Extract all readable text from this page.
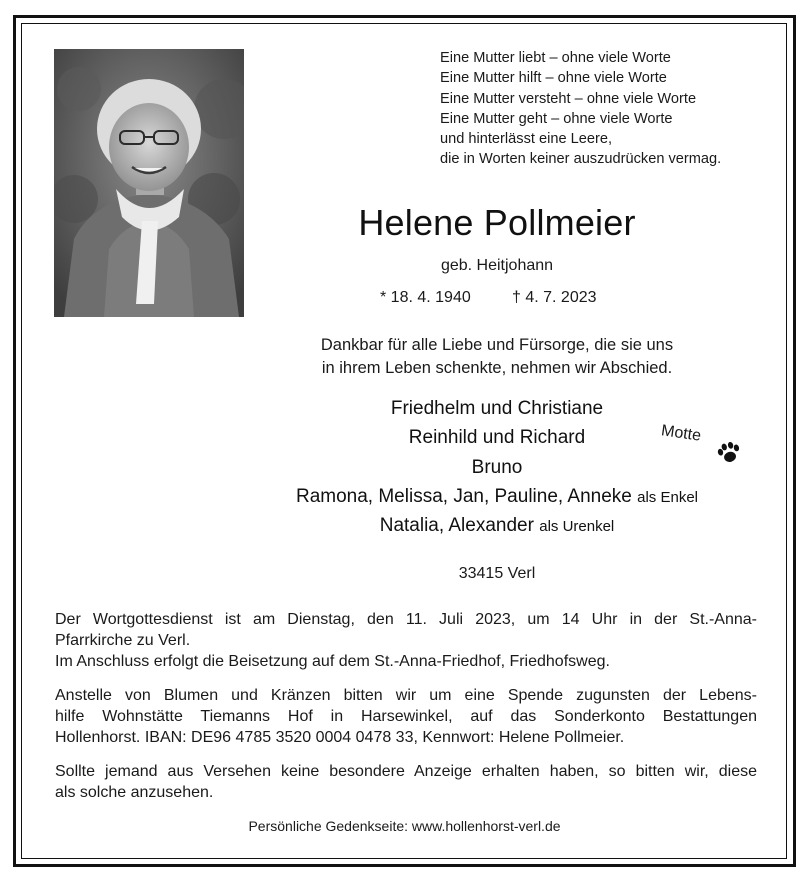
Eine Mutter liebt – ohne viele Worte
Eine Mutter hilft – ohne viele Worte
Eine Mutter versteht – ohne viele Worte
Eine Mutter geht – ohne viele Worte
und hinterlässt eine Leere,
die in Worten keiner auszudrücken vermag.
Helene Pollmeier
geb. Heitjohann
* 18. 4. 1940	† 4. 7. 2023
Dankbar für alle Liebe und Fürsorge, die sie uns
in ihrem Leben schenkte, nehmen wir Abschied.
Friedhelm und Christiane
Reinhild und Richard
Bruno
Ramona, Melissa, Jan, Pauline, Anneke als Enkel
Natalia, Alexander als Urenkel
Motte
33415 Verl
Der Wortgottesdienst ist am Dienstag, den 11. Juli 2023, um 14 Uhr in der St.-Anna-
Pfarrkirche zu Verl.
Im Anschluss erfolgt die Beisetzung auf dem St.-Anna-Friedhof, Friedhofsweg.
Anstelle von Blumen und Kränzen bitten wir um eine Spende zugunsten der Lebens-
hilfe Wohnstätte Tiemanns Hof in Harsewinkel, auf das Sonderkonto Bestattungen
Hollenhorst. IBAN: DE96 4785 3520 0004 0478 33, Kennwort: Helene Pollmeier.
Sollte jemand aus Versehen keine besondere Anzeige erhalten haben, so bitten wir, diese
als solche anzusehen.
Persönliche Gedenkseite: www.hollenhorst-verl.de
